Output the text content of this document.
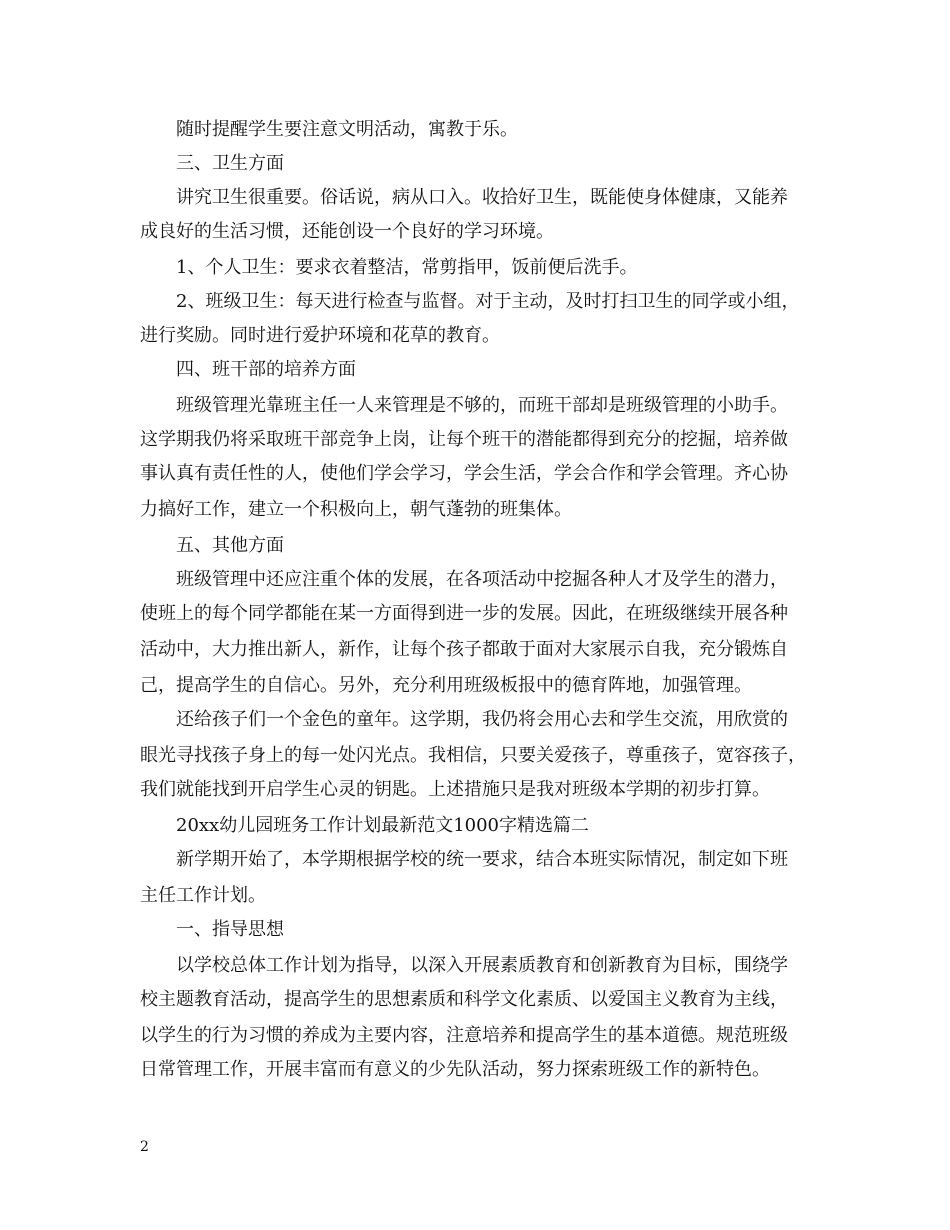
随时提醒学生要注意文明活动，寓教于乐。
三、卫生方面
讲究卫生很重要。俗话说，病从口入。收拾好卫生，既能使身体健康，又能养
成良好的生活习惯，还能创设一个良好的学习环境。
1、个人卫生：要求衣着整洁，常剪指甲，饭前便后洗手。
2、班级卫生：每天进行检查与监督。对于主动，及时打扫卫生的同学或小组，
进行奖励。同时进行爱护环境和花草的教育。
四、班干部的培养方面
班级管理光靠班主任一人来管理是不够的，而班干部却是班级管理的小助手。
这学期我仍将采取班干部竞争上岗，让每个班干的潜能都得到充分的挖掘，培养做
事认真有责任性的人，使他们学会学习，学会生活，学会合作和学会管理。齐心协
力搞好工作，建立一个积极向上，朝气蓬勃的班集体。
五、其他方面
班级管理中还应注重个体的发展，在各项活动中挖掘各种人才及学生的潜力，
使班上的每个同学都能在某一方面得到进一步的发展。因此，在班级继续开展各种
活动中，大力推出新人，新作，让每个孩子都敢于面对大家展示自我，充分锻炼自
己，提高学生的自信心。另外，充分利用班级板报中的德育阵地，加强管理。
还给孩子们一个金色的童年。这学期，我仍将会用心去和学生交流，用欣赏的
眼光寻找孩子身上的每一处闪光点。我相信，只要关爱孩子，尊重孩子，宽容孩子，
我们就能找到开启学生心灵的钥匙。上述措施只是我对班级本学期的初步打算。
20xx幼儿园班务工作计划最新范文1000字精选篇二
新学期开始了，本学期根据学校的统一要求，结合本班实际情况，制定如下班
主任工作计划。
一、指导思想
以学校总体工作计划为指导，以深入开展素质教育和创新教育为目标，围绕学
校主题教育活动，提高学生的思想素质和科学文化素质、以爱国主义教育为主线，
以学生的行为习惯的养成为主要内容，注意培养和提高学生的基本道德。规范班级
日常管理工作，开展丰富而有意义的少先队活动，努力探索班级工作的新特色。
2
